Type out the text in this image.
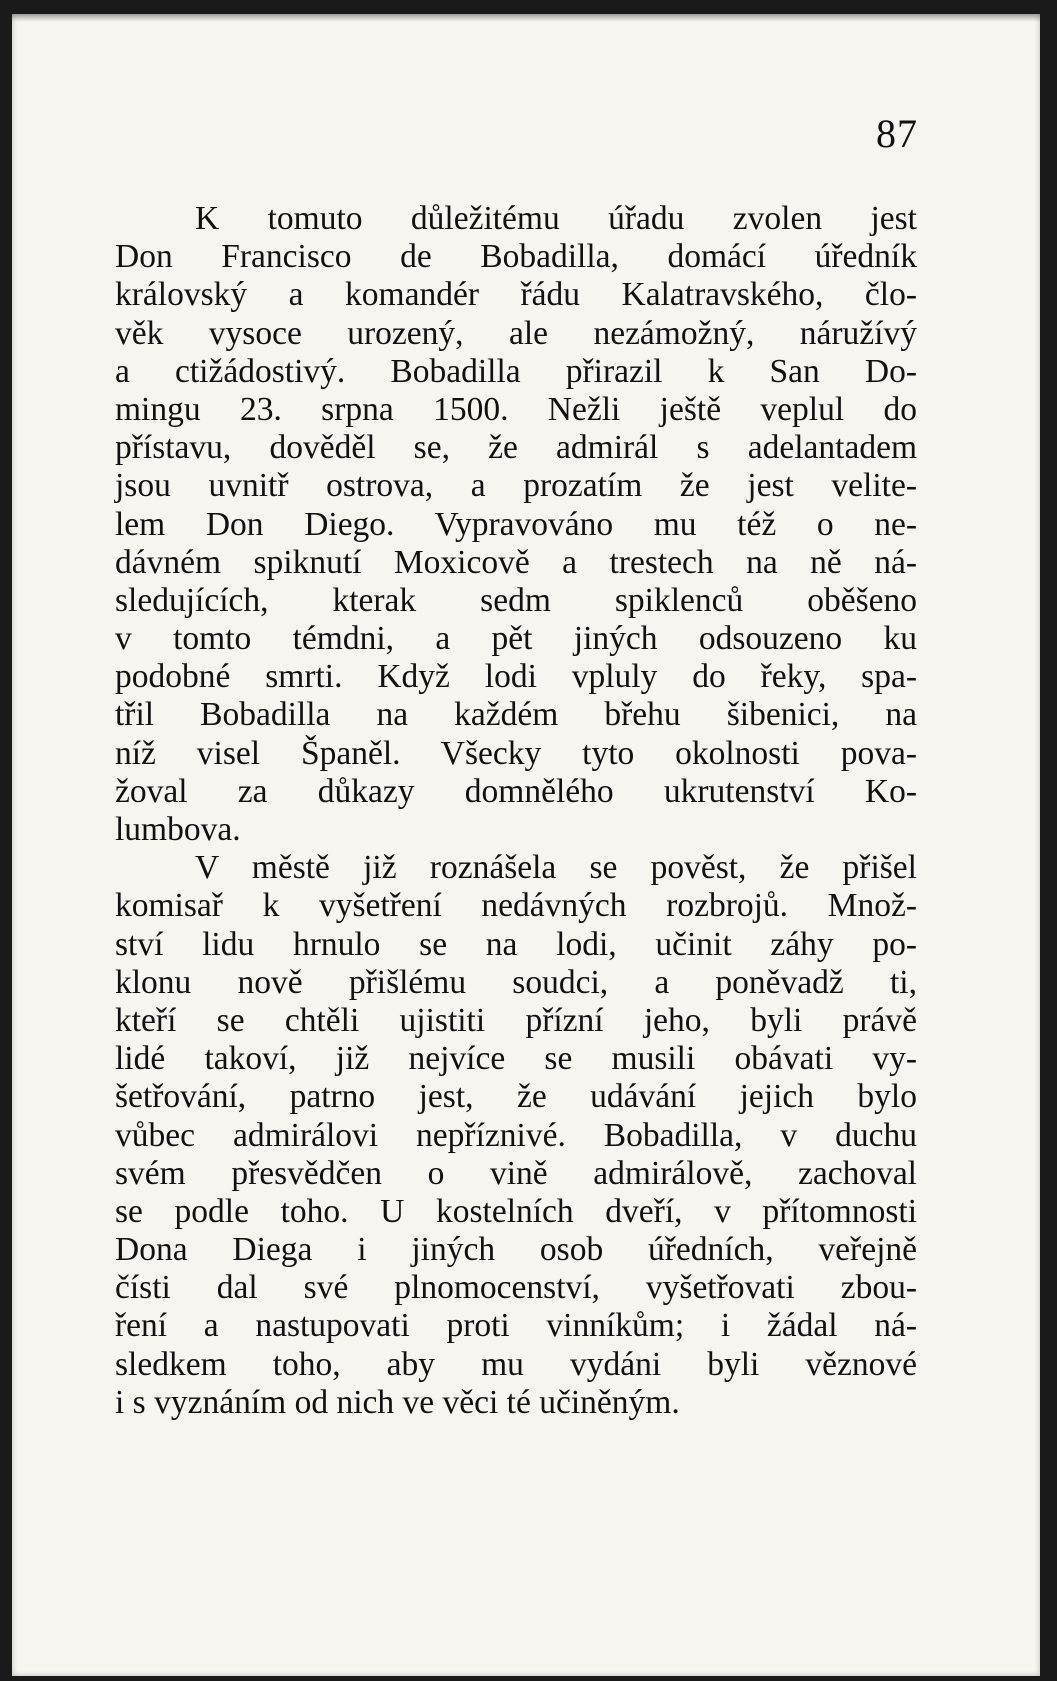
87
K tomuto důležitému úřadu zvolen jest
Don Francisco de Bobadilla, domácí úředník
královský a komandér řádu Kalatravského, člo-
věk vysoce urozený, ale nezámožný, náružívý
a ctižádostivý. Bobadilla přirazil k San Do-
mingu 23. srpna 1500. Nežli ještě veplul do
přístavu, dověděl se, že admirál s adelantadem
jsou uvnitř ostrova, a prozatím že jest velite-
lem Don Diego. Vypravováno mu též o ne-
dávném spiknutí Moxicově a trestech na ně ná-
sledujících, kterak sedm spiklenců oběšeno
v tomto témdni, a pět jiných odsouzeno ku
podobné smrti. Když lodi vpluly do řeky, spa-
třil Bobadilla na každém břehu šibenici, na
níž visel Španěl. Všecky tyto okolnosti pova-
žoval za důkazy domnělého ukrutenství Ko-
lumbova.
V městě již roznášela se pověst, že přišel
komisař k vyšetření nedávných rozbrojů. Množ-
ství lidu hrnulo se na lodi, učinit záhy po-
klonu nově přišlému soudci, a poněvadž ti,
kteří se chtěli ujistiti přízní jeho, byli právě
lidé takoví, již nejvíce se musili obávati vy-
šetřování, patrno jest, že udávání jejich bylo
vůbec admirálovi nepříznivé. Bobadilla, v duchu
svém přesvědčen o vině admirálově, zachoval
se podle toho. U kostelních dveří, v přítomnosti
Dona Diega i jiných osob úředních, veřejně
čísti dal své plnomocenství, vyšetřovati zbou-
ření a nastupovati proti vinníkům; i žádal ná-
sledkem toho, aby mu vydáni byli věznové
i s vyznáním od nich ve věci té učiněným.
